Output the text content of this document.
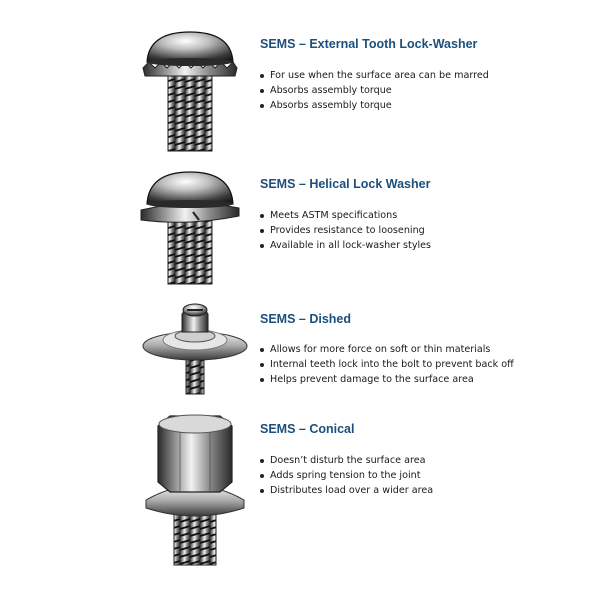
SEMS – External Tooth Lock-Washer
For use when the surface area can be marred
Absorbs assembly torque
Absorbs assembly torque
SEMS – Helical Lock Washer
Meets ASTM specifications
Provides resistance to loosening
Available in all lock-washer styles
SEMS – Dished
Allows for more force on soft or thin materials
Internal teeth lock into the bolt to prevent back off
Helps prevent damage to the surface area
SEMS – Conical
Doesn’t disturb the surface area
Adds spring tension to the joint
Distributes load over a wider area
